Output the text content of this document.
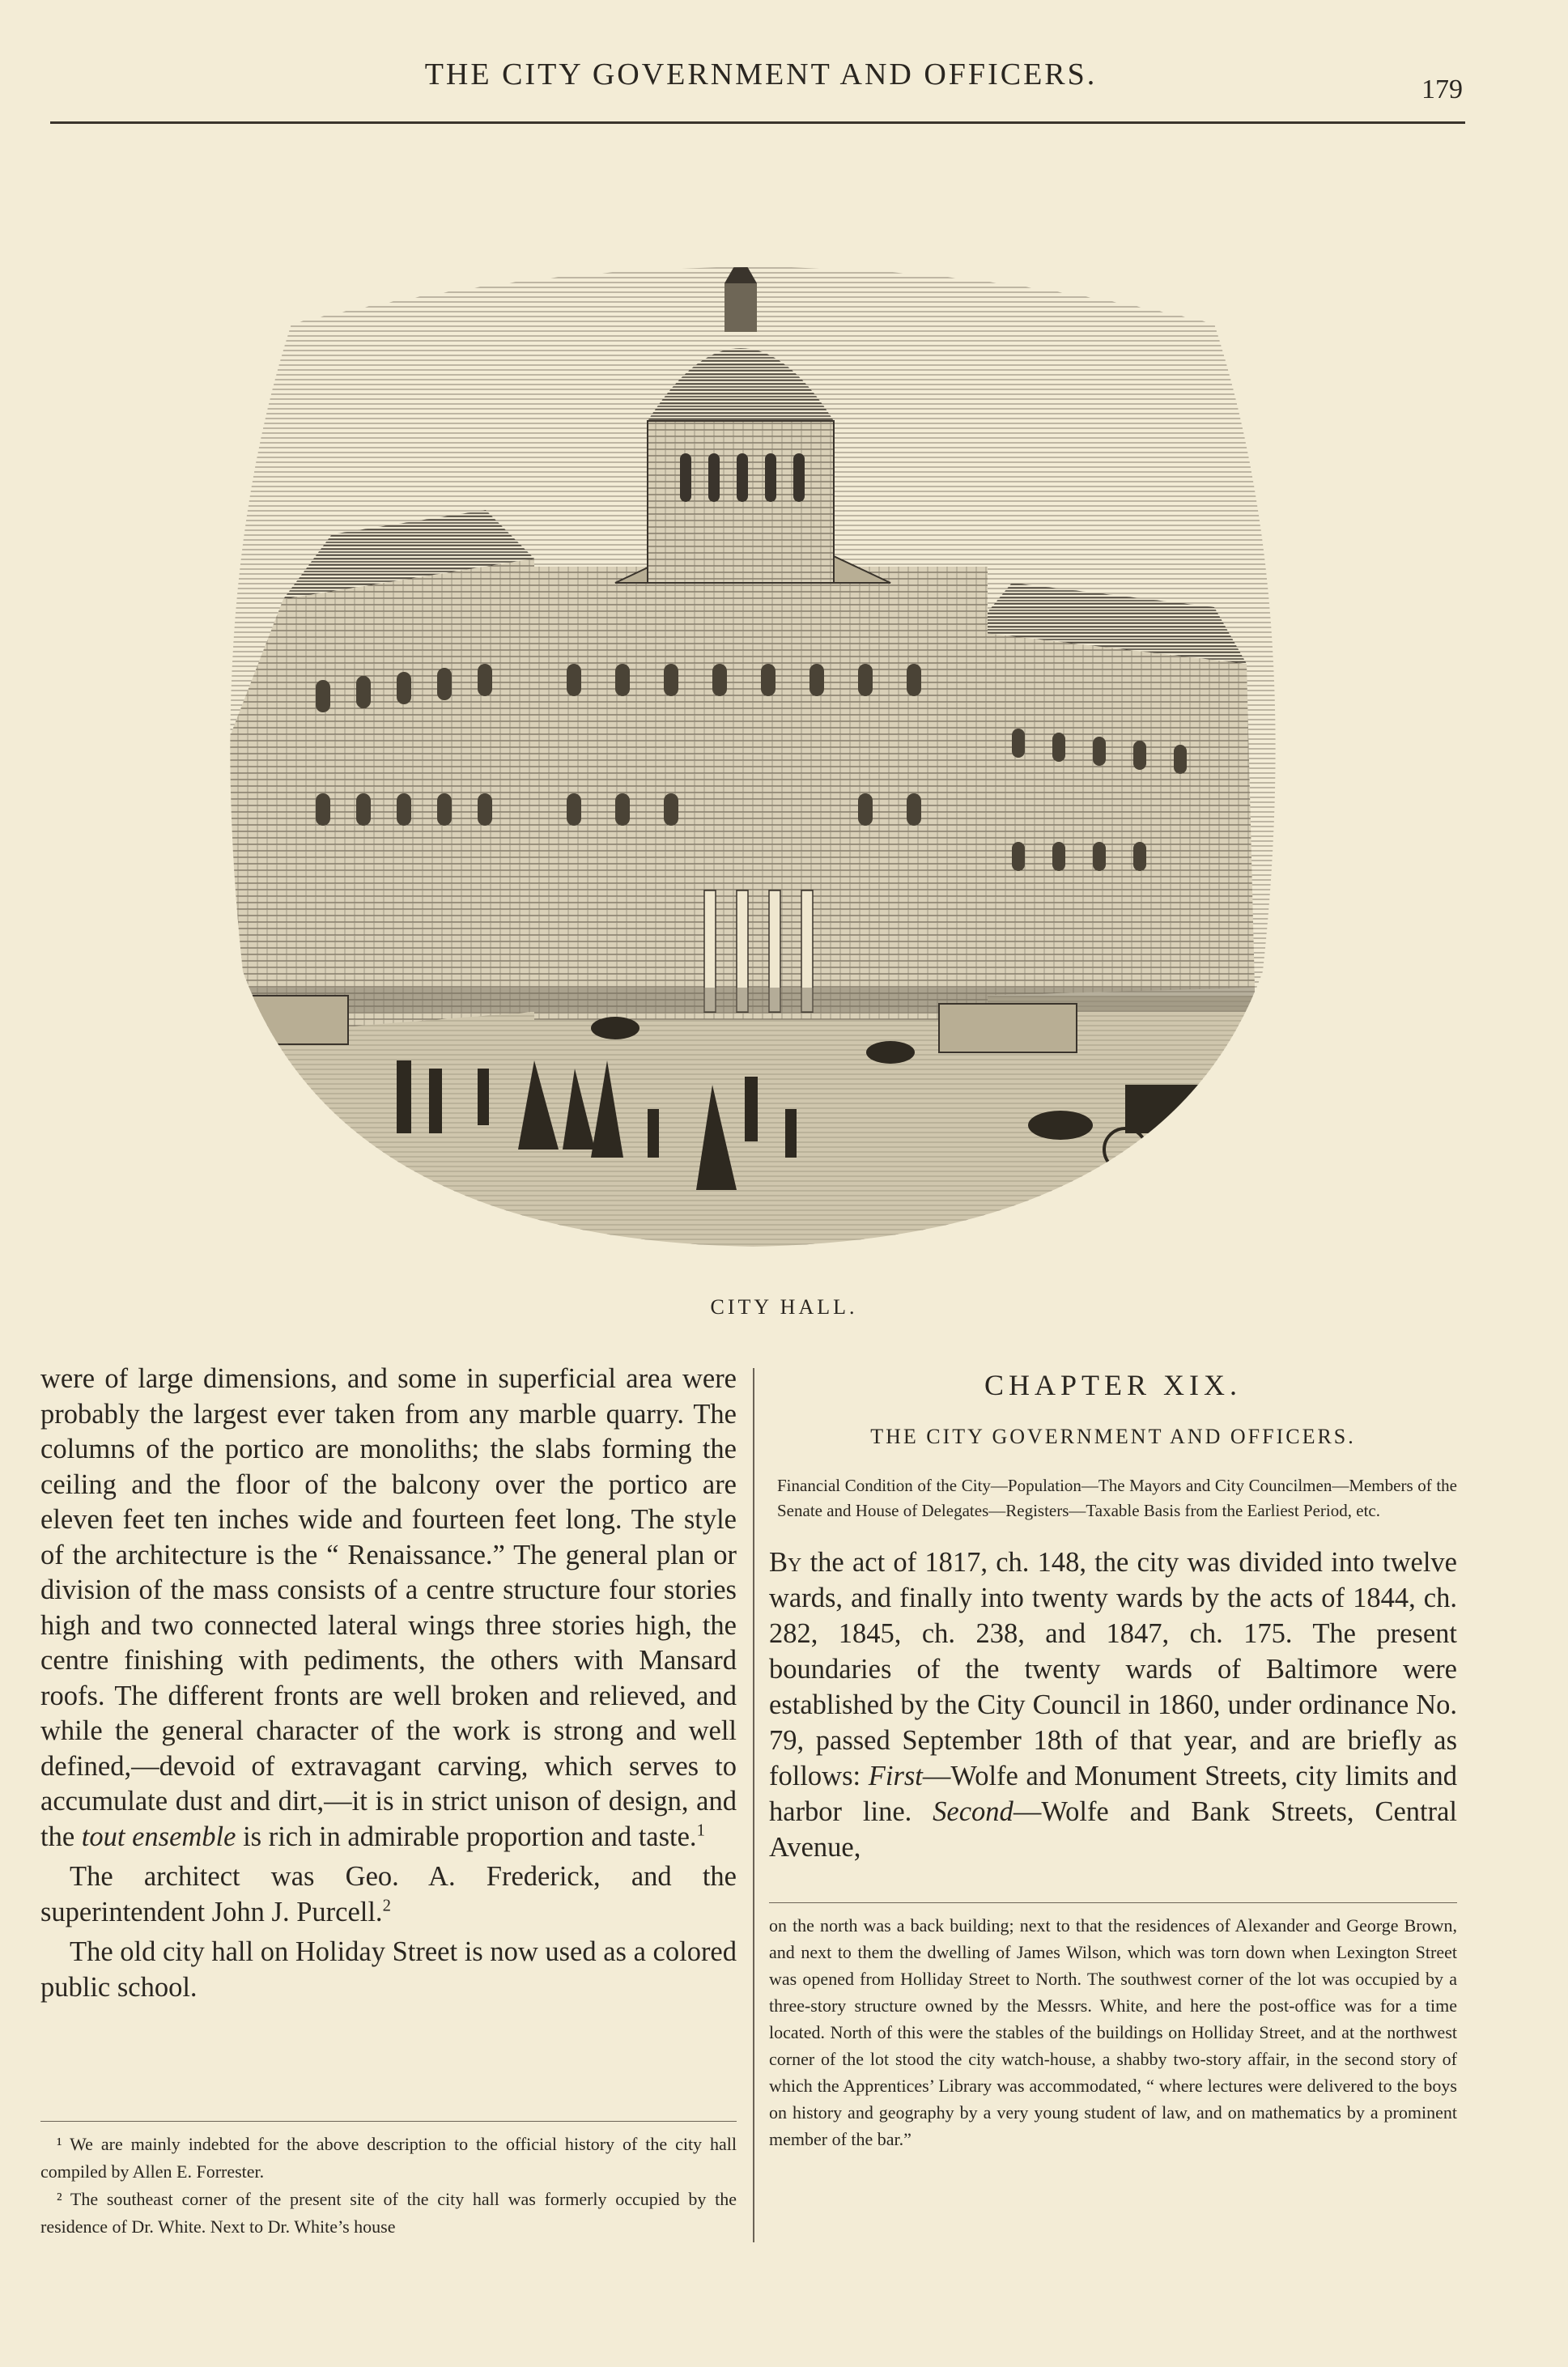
THE CITY GOVERNMENT AND OFFICERS.	179
CITY HALL.

were of large dimensions, and some in superficial area were probably the largest ever taken from any marble quarry. The columns of the portico are monoliths; the slabs forming the ceiling and the floor of the balcony over the portico are eleven feet ten inches wide and fourteen feet long. The style of the architecture is the “ Renaissance.” The general plan or division of the mass consists of a centre structure four stories high and two connected lateral wings three stories high, the centre finishing with pediments, the others with Mansard roofs. The different fronts are well broken and relieved, and while the general character of the work is strong and well defined,—devoid of extravagant carving, which serves to accumulate dust and dirt,—it is in strict unison of design, and the tout ensemble is rich in admirable proportion and taste.$^1$

The architect was Geo. A. Frederick, and the superintendent John J. Purcell.$^2$

The old city hall on Holiday Street is now used as a colored public school.

CHAPTER XIX.
THE CITY GOVERNMENT AND OFFICERS.
Financial Condition of the City—Population—The Mayors and City Councilmen—Members of the Senate and House of Delegates—Registers—Taxable Basis from the Earliest Period, etc.
By the act of 1817, ch. 148, the city was divided into twelve wards, and finally into twenty wards by the acts of 1844, ch. 282, 1845, ch. 238, and 1847, ch. 175. The present boundaries of the twenty wards of Baltimore were established by the City Council in 1860, under ordinance No. 79, passed September 18th of that year, and are briefly as follows: First—Wolfe and Monument Streets, city limits and harbor line. Second—Wolfe and Bank Streets, Central Avenue,

¹ We are mainly indebted for the above description to the official history of the city hall compiled by Allen E. Forrester.

² The southeast corner of the present site of the city hall was formerly occupied by the residence of Dr. White. Next to Dr. White’s house

on the north was a back building; next to that the residences of Alexander and George Brown, and next to them the dwelling of James Wilson, which was torn down when Lexington Street was opened from Holliday Street to North. The southwest corner of the lot was occupied by a three-story structure owned by the Messrs. White, and here the post-office was for a time located. North of this were the stables of the buildings on Holliday Street, and at the northwest corner of the lot stood the city watch-house, a shabby two-story affair, in the second story of which the Apprentices’ Library was accommodated, “ where lectures were delivered to the boys on history and geography by a very young student of law, and on mathematics by a prominent member of the bar.”
